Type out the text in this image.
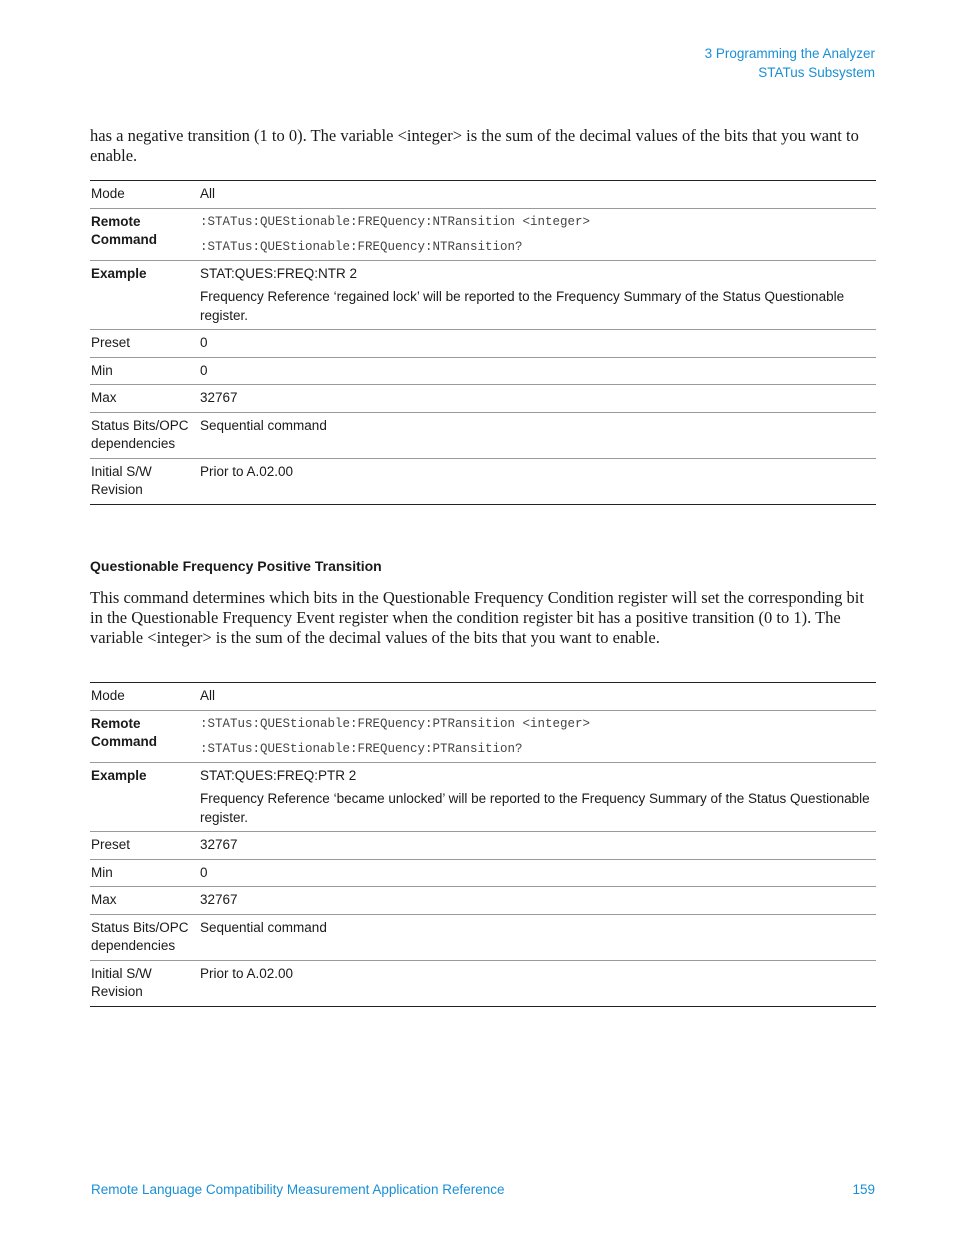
3 Programming the Analyzer
STATus Subsystem
has a negative transition (1 to 0). The variable <integer> is the sum of the decimal values of the bits that you want to enable.
Mode	All
Remote Command	:STATus:QUEStionable:FREQuency:NTRansition <integer>
:STATus:QUEStionable:FREQuency:NTRansition?

Example	STAT:QUES:FREQ:NTR 2
Frequency Reference ‘regained lock’ will be reported to the Frequency Summary of the Status Questionable register.

Preset	0
Min	0
Max	32767
Status Bits/OPC dependencies	Sequential command
Initial S/W Revision	Prior to A.02.00
Questionable Frequency Positive Transition
This command determines which bits in the Questionable Frequency Condition register will set the corresponding bit in the Questionable Frequency Event register when the condition register bit has a positive transition (0 to 1). The variable <integer> is the sum of the decimal values of the bits that you want to enable.
Mode	All
Remote Command	:STATus:QUEStionable:FREQuency:PTRansition <integer>
:STATus:QUEStionable:FREQuency:PTRansition?

Example	STAT:QUES:FREQ:PTR 2
Frequency Reference ‘became unlocked’ will be reported to the Frequency Summary of the Status Questionable register.

Preset	32767
Min	0
Max	32767
Status Bits/OPC dependencies	Sequential command
Initial S/W Revision	Prior to A.02.00
Remote Language Compatibility Measurement Application Reference	159
